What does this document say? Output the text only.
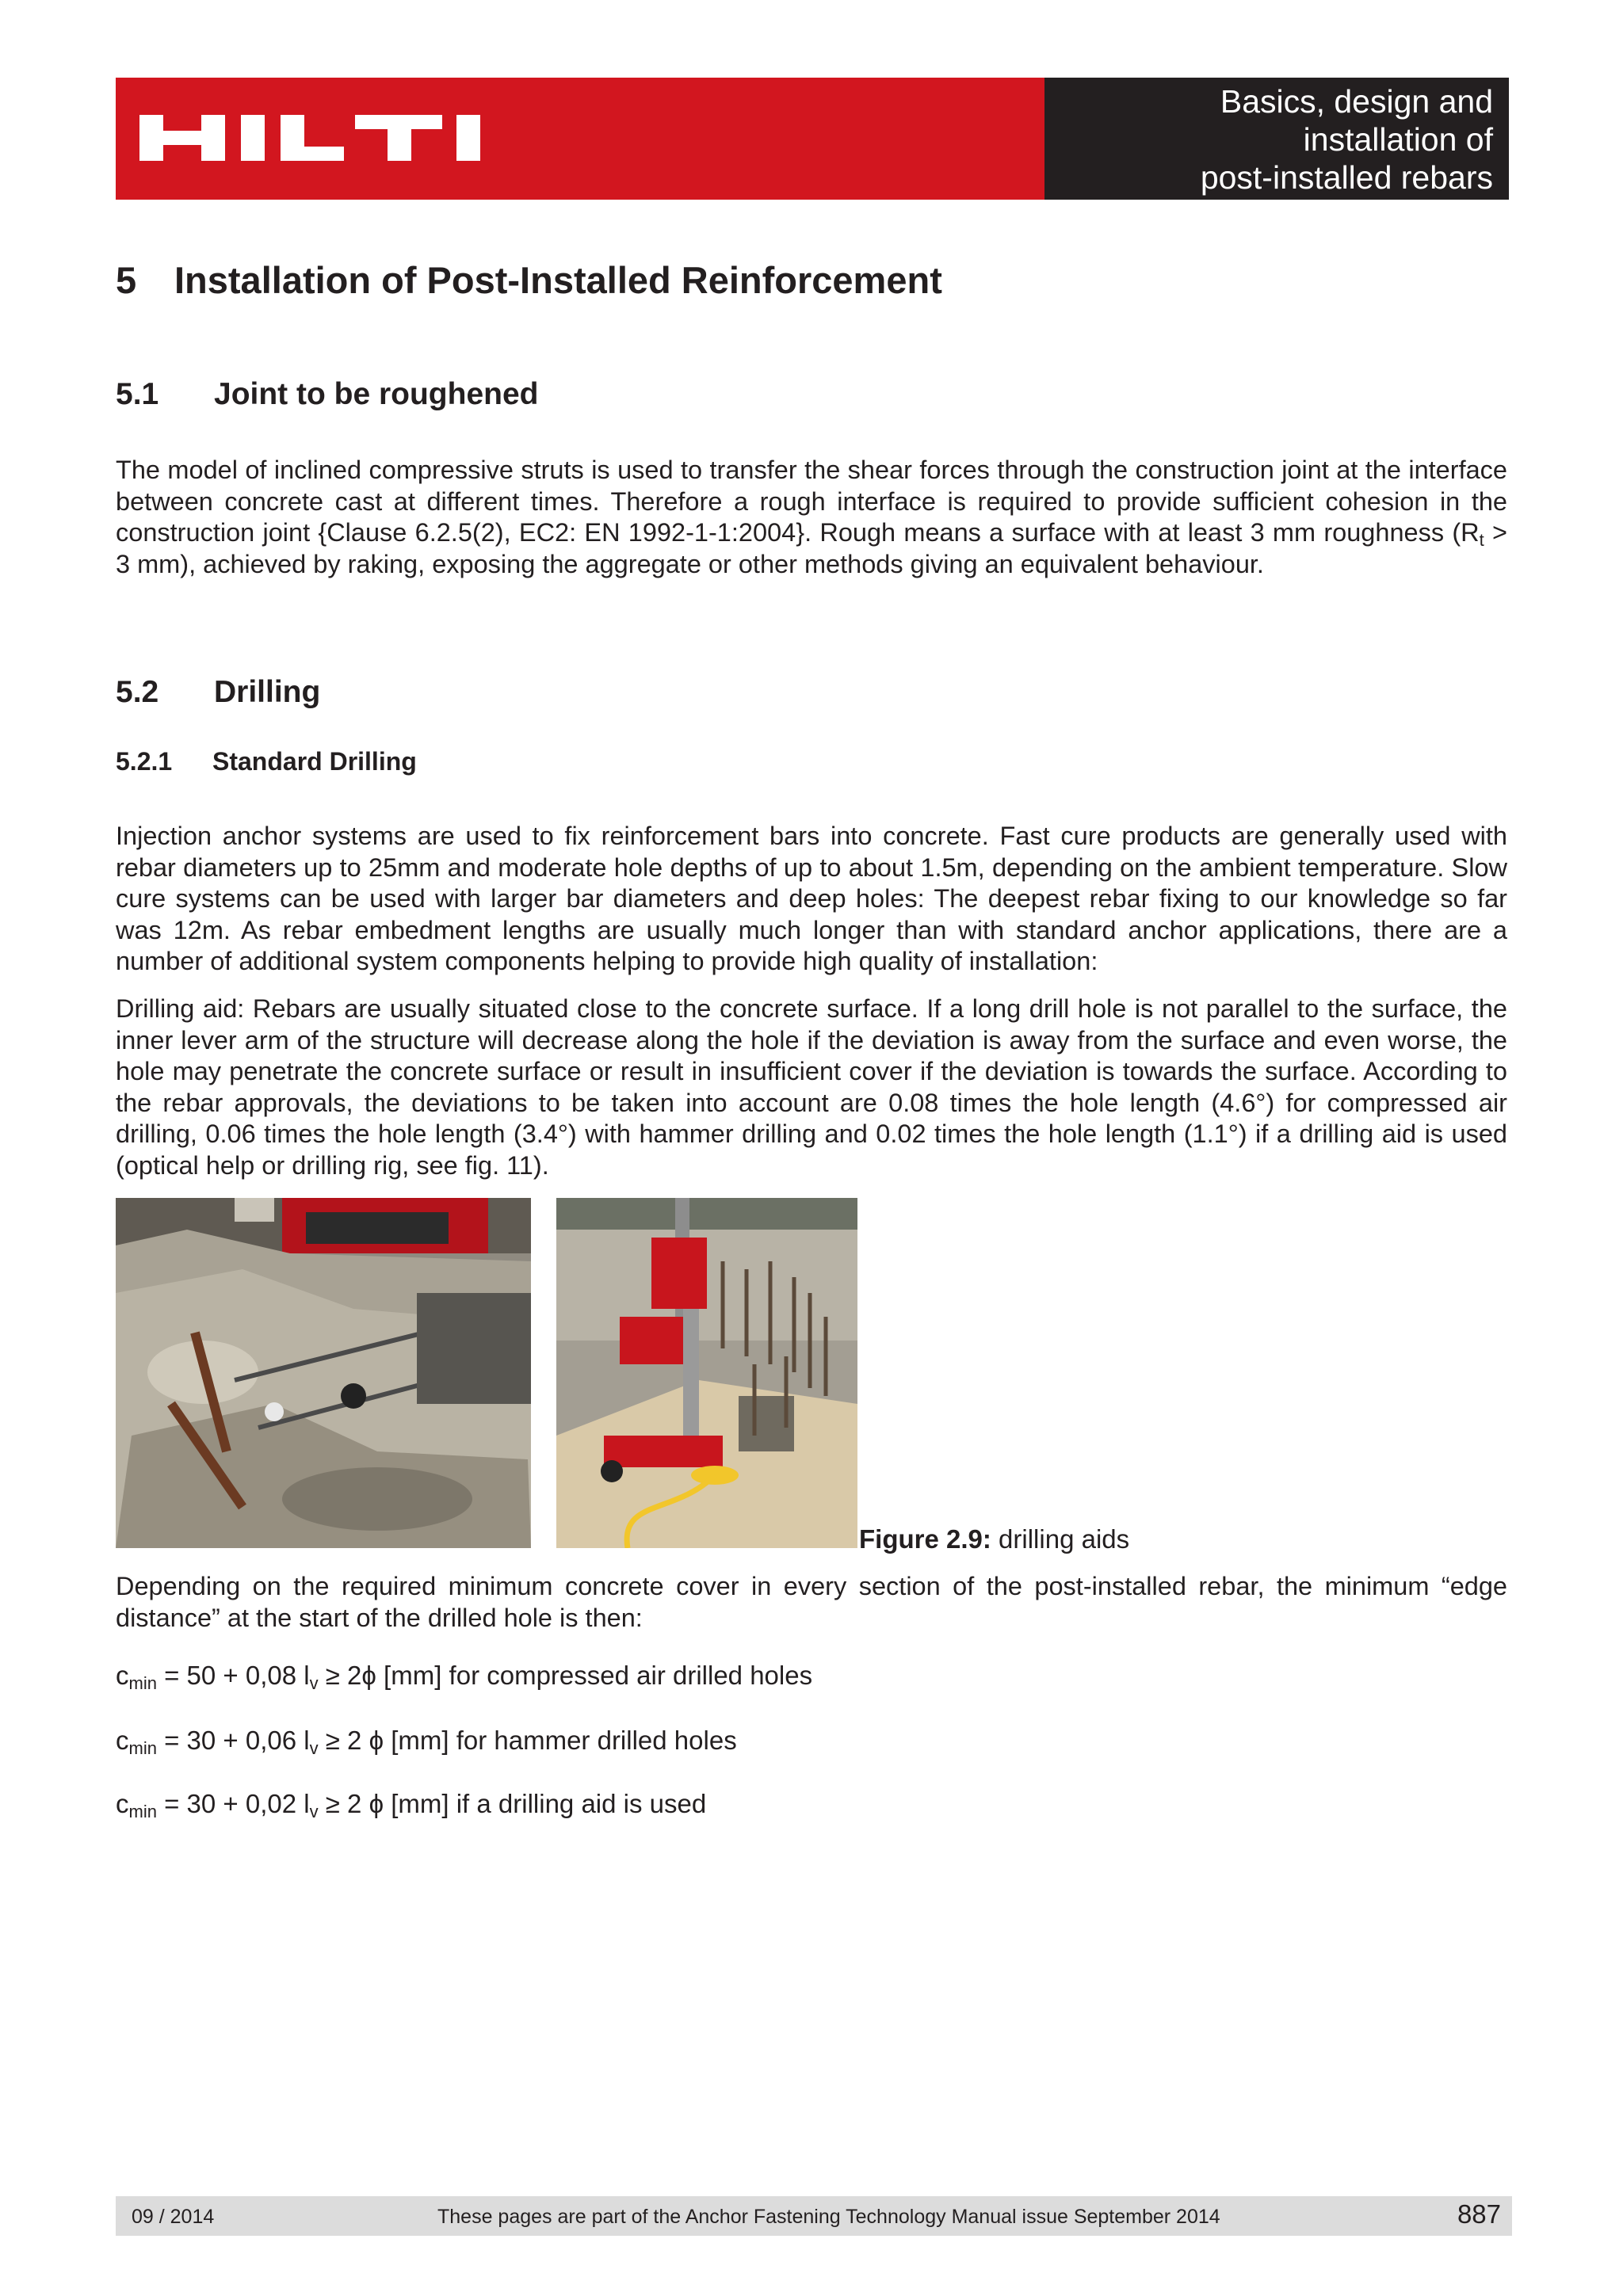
Basics, design and
installation of
post-installed rebars
5 Installation of Post-Installed Reinforcement
5.1 Joint to be roughened

The model of inclined compressive struts is used to transfer the shear forces through the construction joint at the interface between concrete cast at different times. Therefore a rough interface is required to provide sufficient cohesion in the construction joint {Clause 6.2.5(2), EC2: EN 1992-1-1:2004}. Rough means a surface with at least 3 mm roughness ($R_t > 3$ mm), achieved by raking, exposing the aggregate or other methods giving an equivalent behaviour.

5.2 Drilling
5.2.1 Standard Drilling

Injection anchor systems are used to fix reinforcement bars into concrete. Fast cure products are generally used with rebar diameters up to 25mm and moderate hole depths of up to about 1.5m, depending on the ambient temperature. Slow cure systems can be used with larger bar diameters and deep holes: The deepest rebar fixing to our knowledge so far was 12m. As rebar embedment lengths are usually much longer than with standard anchor applications, there are a number of additional system components helping to provide high quality of installation:

Drilling aid: Rebars are usually situated close to the concrete surface. If a long drill hole is not parallel to the surface, the inner lever arm of the structure will decrease along the hole if the deviation is away from the surface and even worse, the hole may penetrate the concrete surface or result in insufficient cover if the deviation is towards the surface. According to the rebar approvals, the deviations to be taken into account are 0.08 times the hole length (4.6°) for compressed air drilling, 0.06 times the hole length (3.4°) with hammer drilling and 0.02 times the hole length (1.1°) if a drilling aid is used (optical help or drilling rig, see fig. 11).

Figure 2.9: drilling aids

Depending on the required minimum concrete cover in every section of the post-installed rebar, the minimum “edge distance” at the start of the drilled hole is then:

$c_{min} = 50 + 0,08$ $l_v \ge 2\phi$ [mm] for compressed air drilled holes
$c_{min} = 30 + 0,06$ $l_v \ge 2$ ϕ [mm] for hammer drilled holes
$c_{min} = 30 + 0,02$ $l_v \ge 2$ ϕ [mm] if a drilling aid is used
09 / 2014	These pages are part of the Anchor Fastening Technology Manual issue September 2014	887
